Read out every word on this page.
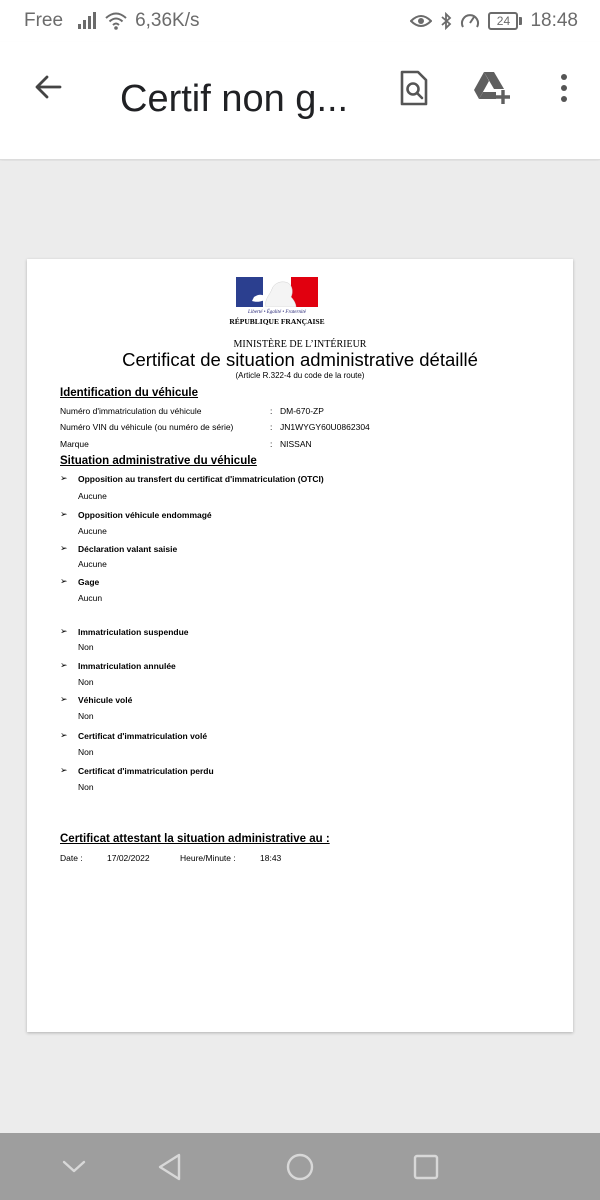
Free	6,36K/s	24	18:48
Certif non g...
Liberté • Égalité • Fraternité
RÉPUBLIQUE FRANÇAISE
MINISTÈRE DE L’INTÉRIEUR
Certificat de situation administrative détaillé
(Article R.322-4 du code de la route)
Identification du véhicule
Numéro d'immatriculation du véhicule	: DM-670-ZP
Numéro VIN du véhicule (ou numéro de série)	: JN1WYGY60U0862304
Marque	: NISSAN
Situation administrative du véhicule
➢ Opposition au transfert du certificat d'immatriculation (OTCI)
Aucune
➢ Opposition véhicule endommagé
Aucune
➢ Déclaration valant saisie
Aucune
➢ Gage
Aucun
➢ Immatriculation suspendue
Non
➢ Immatriculation annulée
Non
➢ Véhicule volé
Non
➢ Certificat d'immatriculation volé
Non
➢ Certificat d'immatriculation perdu
Non
Certificat attestant la situation administrative au :
Date :	17/02/2022	Heure/Minute :	18:43
